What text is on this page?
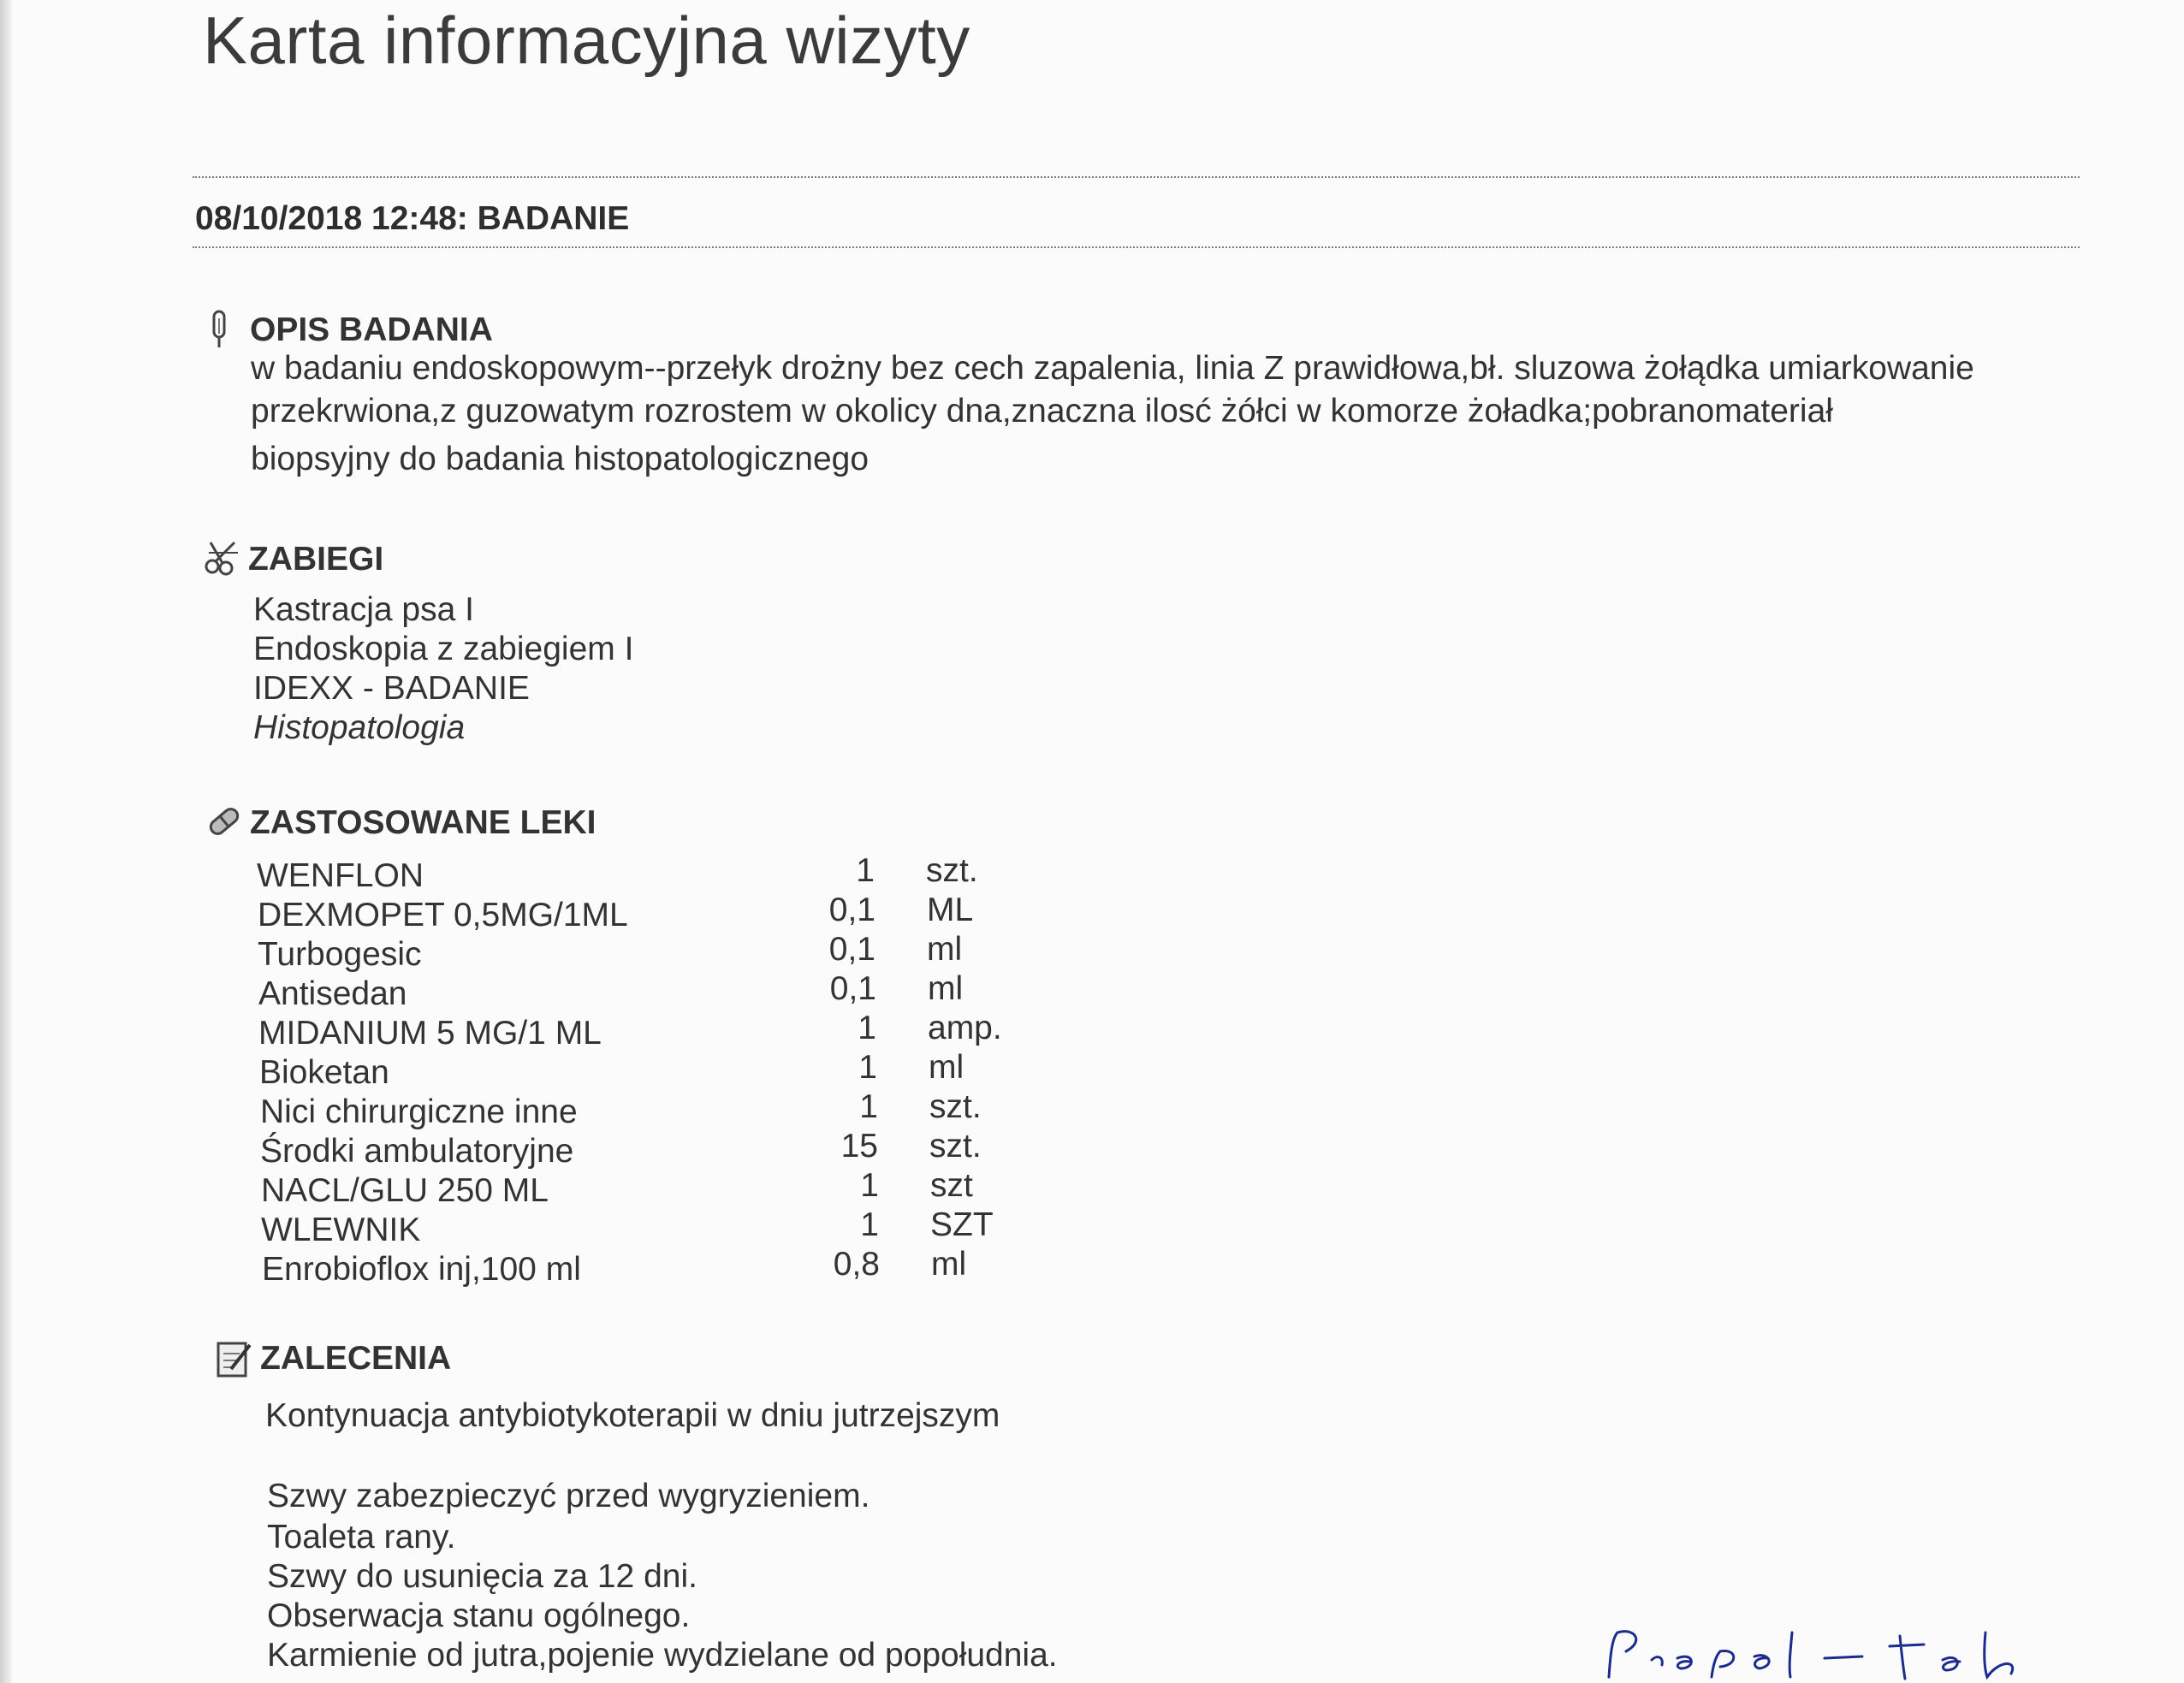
Karta informacyjna wizyty
08/10/2018 12:48: BADANIE
OPIS BADANIA
w badaniu endoskopowym--przełyk drożny bez cech zapalenia, linia Z prawidłowa,bł. sluzowa żołądka umiarkowanie
przekrwiona,z guzowatym rozrostem w okolicy dna,znaczna ilosć żółci w komorze żoładka;pobranomateriał
biopsyjny do badania histopatologicznego
ZABIEGI
Kastracja psa I
Endoskopia z zabiegiem I
IDEXX - BADANIE
Histopatologia
ZASTOSOWANE LEKI
WENFLON	1 szt.
DEXMOPET 0,5MG/1ML	0,1 ML
Turbogesic	0,1 ml
Antisedan	0,1 ml
MIDANIUM 5 MG/1 ML	1 amp.
Bioketan	1 ml
Nici chirurgiczne inne	1 szt.
Środki ambulatoryjne	15 szt.
NACL/GLU 250 ML	1 szt
WLEWNIK	1 SZT
Enrobioflox inj,100 ml	0,8 ml
ZALECENIA
Kontynuacja antybiotykoterapii w dniu jutrzejszym
Szwy zabezpieczyć przed wygryzieniem.
Toaleta rany.
Szwy do usunięcia za 12 dni.
Obserwacja stanu ogólnego.
Karmienie od jutra,pojenie wydzielane od popołudnia.
